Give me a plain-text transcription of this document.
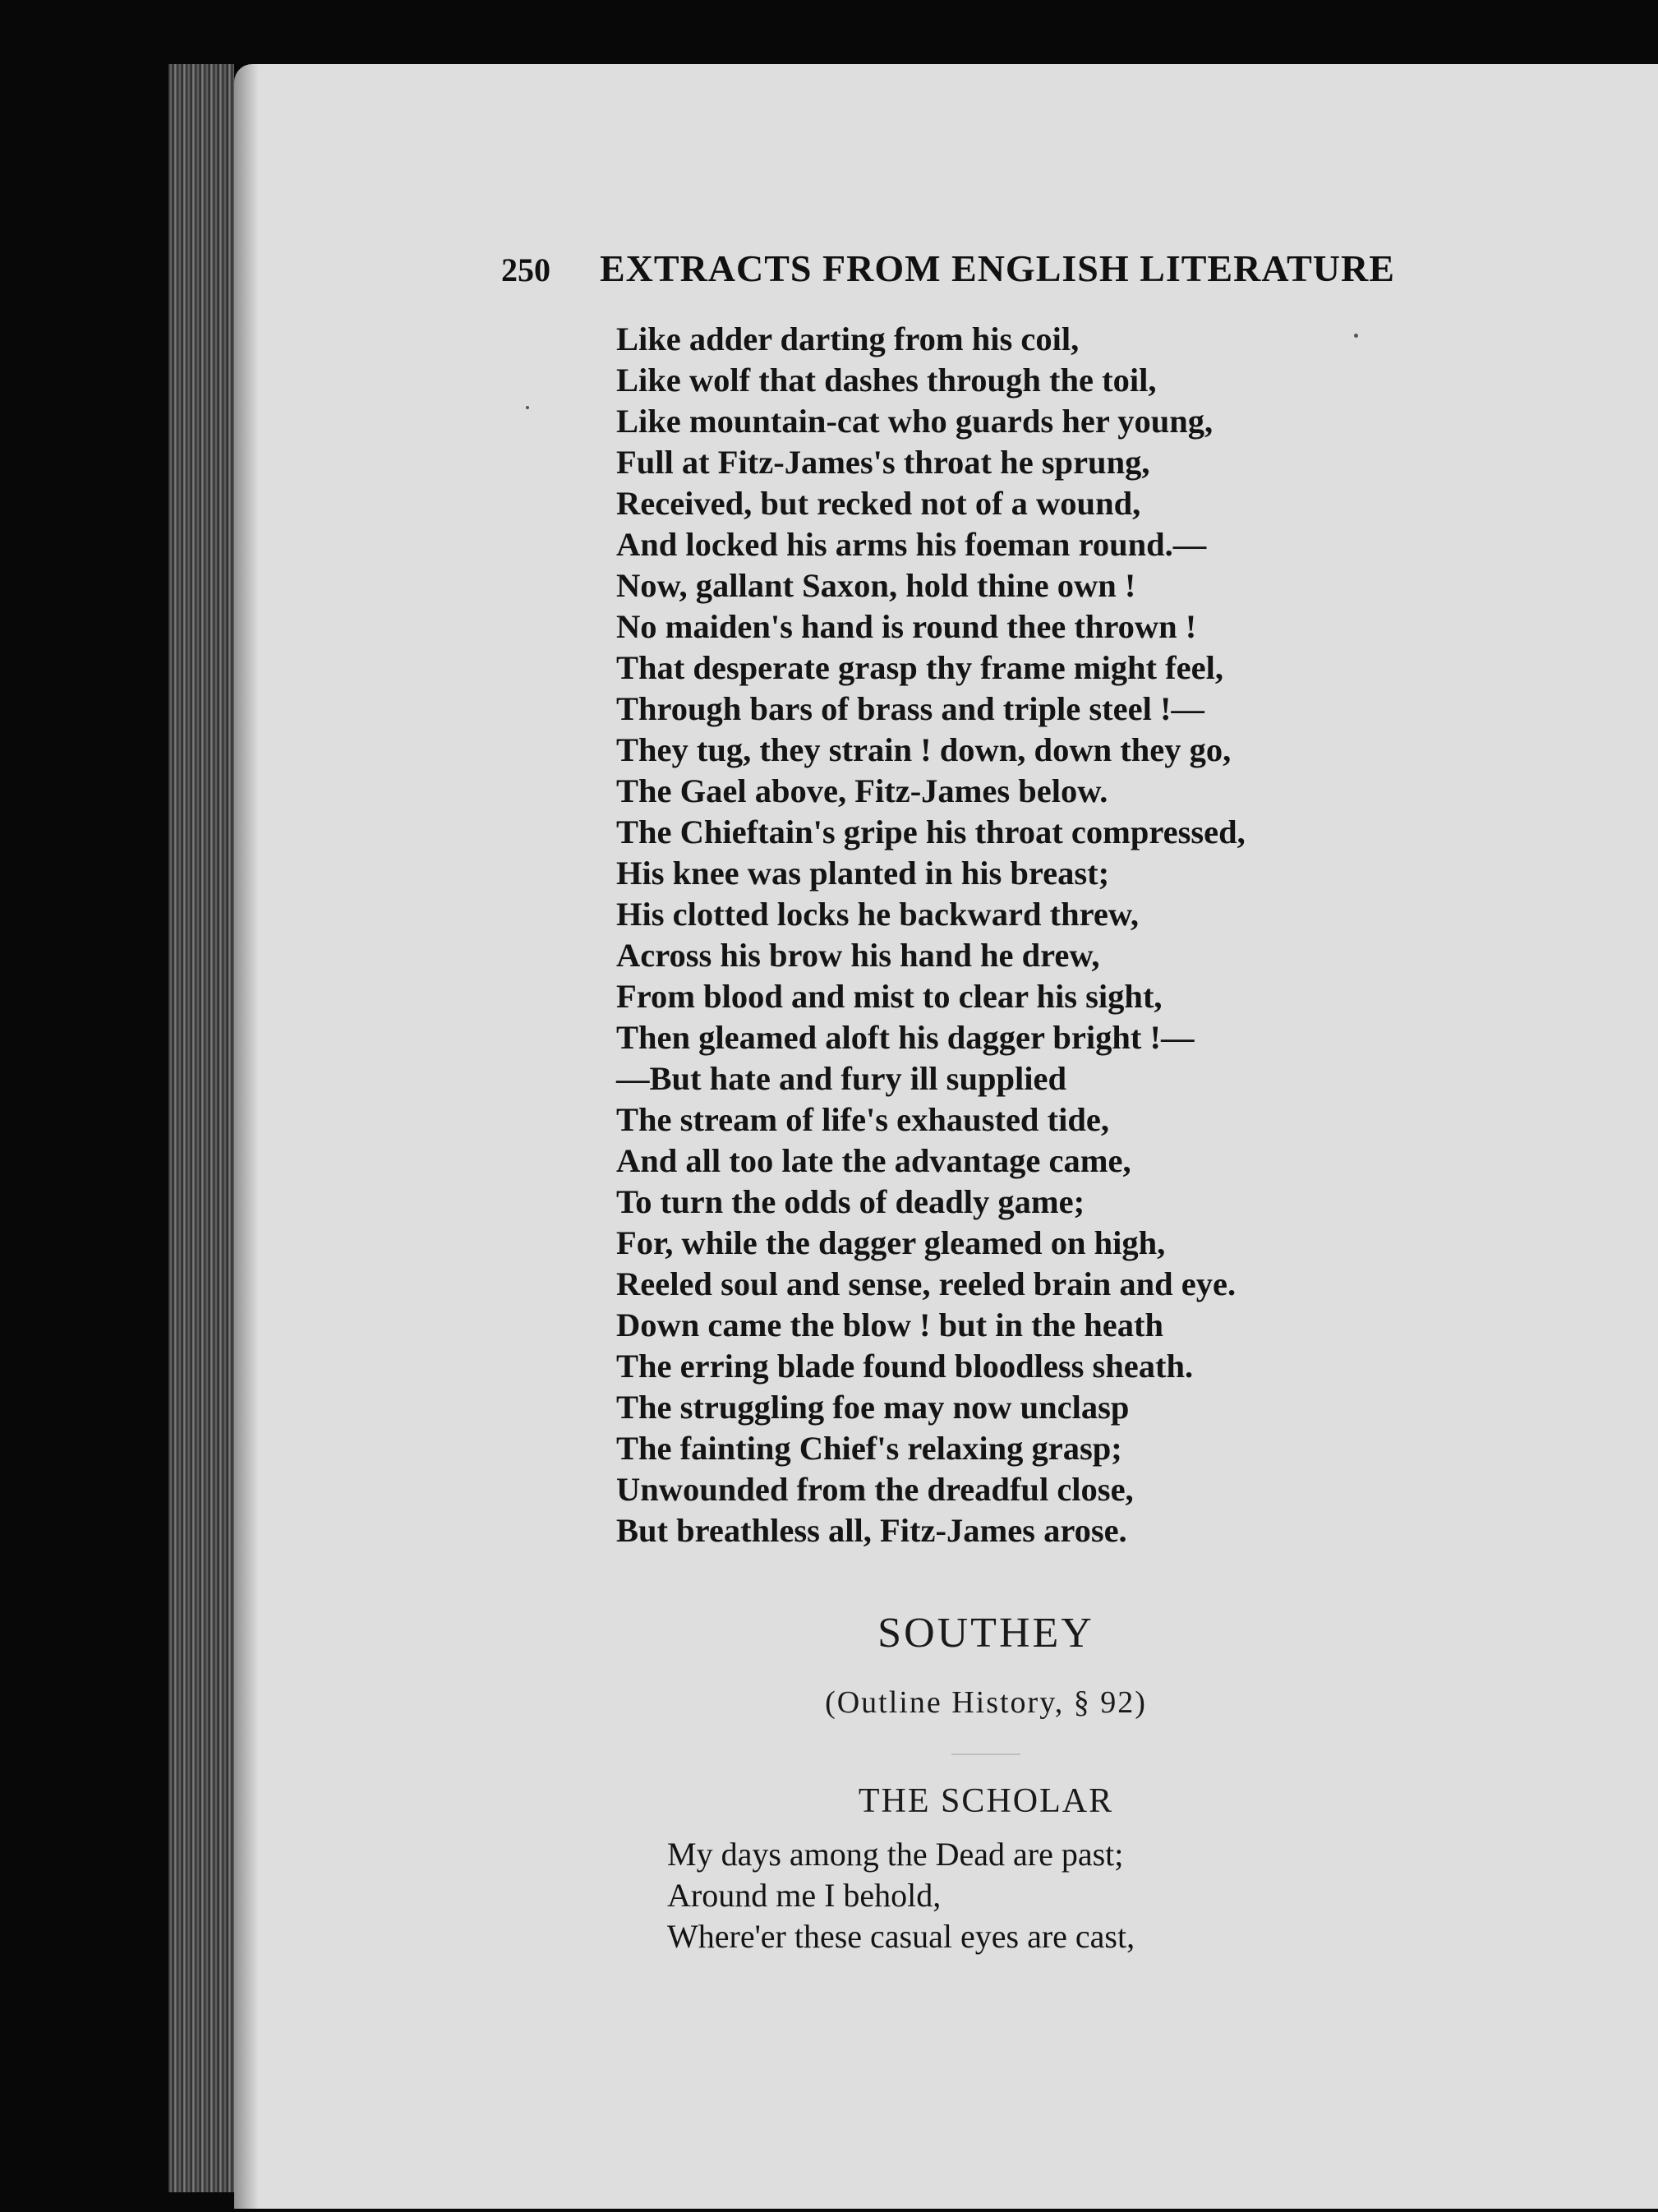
250	EXTRACTS FROM ENGLISH LITERATURE
Like adder darting from his coil,
Like wolf that dashes through the toil,
Like mountain-cat who guards her young,
Full at Fitz-James's throat he sprung,
Received, but recked not of a wound,
And locked his arms his foeman round.—
Now, gallant Saxon, hold thine own !
No maiden's hand is round thee thrown !
That desperate grasp thy frame might feel,
Through bars of brass and triple steel !—
They tug, they strain ! down, down they go,
The Gael above, Fitz-James below.
The Chieftain's gripe his throat compressed,
His knee was planted in his breast;
His clotted locks he backward threw,
Across his brow his hand he drew,
From blood and mist to clear his sight,
Then gleamed aloft his dagger bright !—
—But hate and fury ill supplied
The stream of life's exhausted tide,
And all too late the advantage came,
To turn the odds of deadly game;
For, while the dagger gleamed on high,
Reeled soul and sense, reeled brain and eye.
Down came the blow ! but in the heath
The erring blade found bloodless sheath.
The struggling foe may now unclasp
The fainting Chief's relaxing grasp;
Unwounded from the dreadful close,
But breathless all, Fitz-James arose.
SOUTHEY
(Outline History, § 92)
THE SCHOLAR
My days among the Dead are past;
Around me I behold,
Where'er these casual eyes are cast,
